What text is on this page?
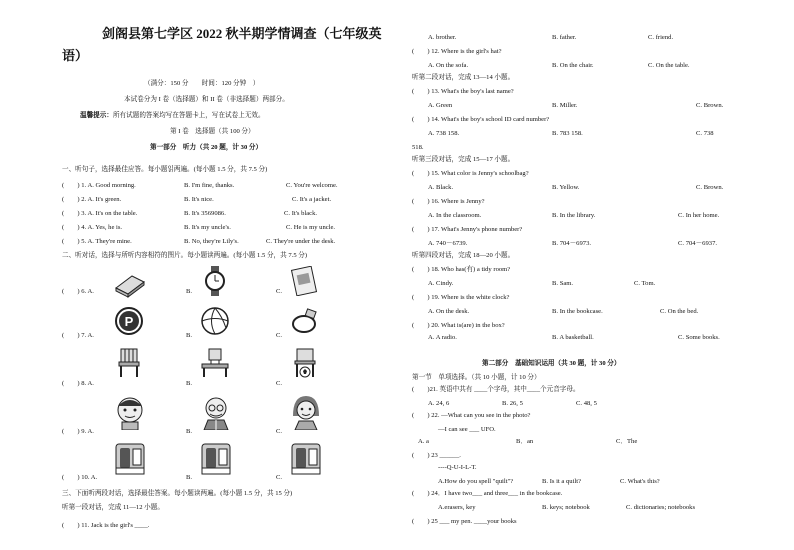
剑阁县第七学区 2022 秋半期学情调查（七年级英
语）
（满分：150 分　　时间：120 分钟　）
本试卷分为 I 卷（选择题）和 II 卷（非选择题）两部分。
温馨提示：所有试题的答案均写在答题卡上，写在试卷上无效。
第 I 卷　选择题（共 100 分）
第一部分　听力（共 20 题，计 30 分）
一、听句子，选择最佳应答。每小题읽两遍。(每小题 1.5 分，共 7.5 分)
(　　) 1. A. Good morning.	B. I'm fine, thanks.	C. You're welcome.
(　　) 2. A. It's green.	B. It's nice.	C. It's a jacket.
(　　) 3. A. It's on the table.	B. It's 3569086.	C. It's black.
(　　) 4. A. Yes, he is.	B. It's my uncle's.	C. He is my uncle.
(　　) 5. A. They're mine.	B. No, they're Lily's.	C. They're under the desk.
二、听对话，选择与所听内容相符的图片。每小题读两遍。(每小题 1.5 分，共 7.5 分)
(　　) 6. A.	B.	C.
(　　) 7. A.	B.	C.
P
(　　) 8. A.	B.	C.
(　　) 9. A.	B.	C.
(　　) 10. A.	B.	C.
三、下面听两段对话，选择最佳答案。每小题读两遍。(每小题 1.5 分，共 15 分)
听第一段对话，完成 11—12 小题。
(　　) 11. Jack is the girl's ____.
A. brother.	B. father.	C. friend.
(　　) 12. Where is the girl's hat?
A. On the sofa.	B. On the chair.	C. On the table.
听第二段对话，完成 13—14 小题。
(　　) 13. What's the boy's last name?
A. Green	B. Miller.	C. Brown.
(　　) 14. What's the boy's school ID card number?
A. 738 158.	B. 783 158.	C. 738
518.
听第三段对话，完成 15—17 小题。
(　　) 15. What color is Jenny's schoolbag?
A. Black.	B. Yellow.	C. Brown.
(　　) 16. Where is Jenny?
A. In the classroom.	B. In the library.	C. In her home.
(　　) 17. What's Jenny's phone number?
A. 740－6739.	B. 704－6973.	C. 704－6937.
听第四段对话，完成 18—20 小题。
(　　) 18. Who has(有) a tidy room?
A. Cindy.	B. Sam.	C. Tom.
(　　) 19. Where is the white clock?
A. On the desk.	B. In the bookcase.	C. On the bed.
(　　) 20. What is(are) in the box?
A. A radio.	B. A basketball.	C. Some books.
第二部分　基础知识运用（共 30 题，计 30 分）
第一节　单项选择。（共 10 小题，计 10 分）
(　　)21. 英语中共有 ____个字母，其中____个元音字母。
A. 24, 6	B. 26, 5	C. 48, 5
(　　) 22. —What can you see in the photo?
—I can see ___ UFO.
A. a	B．an	C．The
(　　) 23 ______.
----Q-U-I-L-T.
A.How do you spell "quilt"?	B. Is it a quilt?	C. What's this?
(　　) 24．I have two___ and three___ in the bookcase.
A.erasers, key	B. keys; notebook	C. dictionaries; notebooks
(　　) 25 ___ my pen. ____your books
